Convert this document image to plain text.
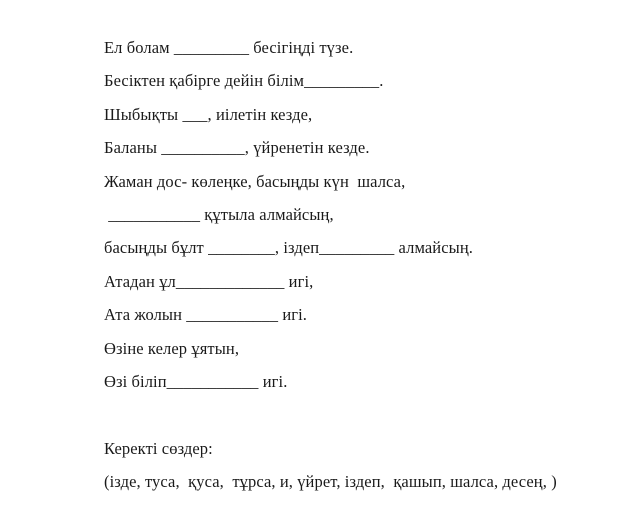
Ел болам _________ бесігіңді түзе.
Бесіктен қабірге дейін білім_________.
Шыбықты ___, иілетін кезде,
Баланы __________, үйренетін кезде.
Жаман дос- көлеңке, басыңды күн  шалса,
___________ құтыла алмайсың,
басыңды бұлт ________, іздеп_________ алмайсың.
Атадан ұл_____________ игі,
Ата жолын ___________ игі.
Өзіне келер ұятын,
Өзі біліп___________ игі.
Керекті сөздер:
(ізде, туса,  қуса,  тұрса, и, үйрет, іздеп,  қашып, шалса, десең, )
